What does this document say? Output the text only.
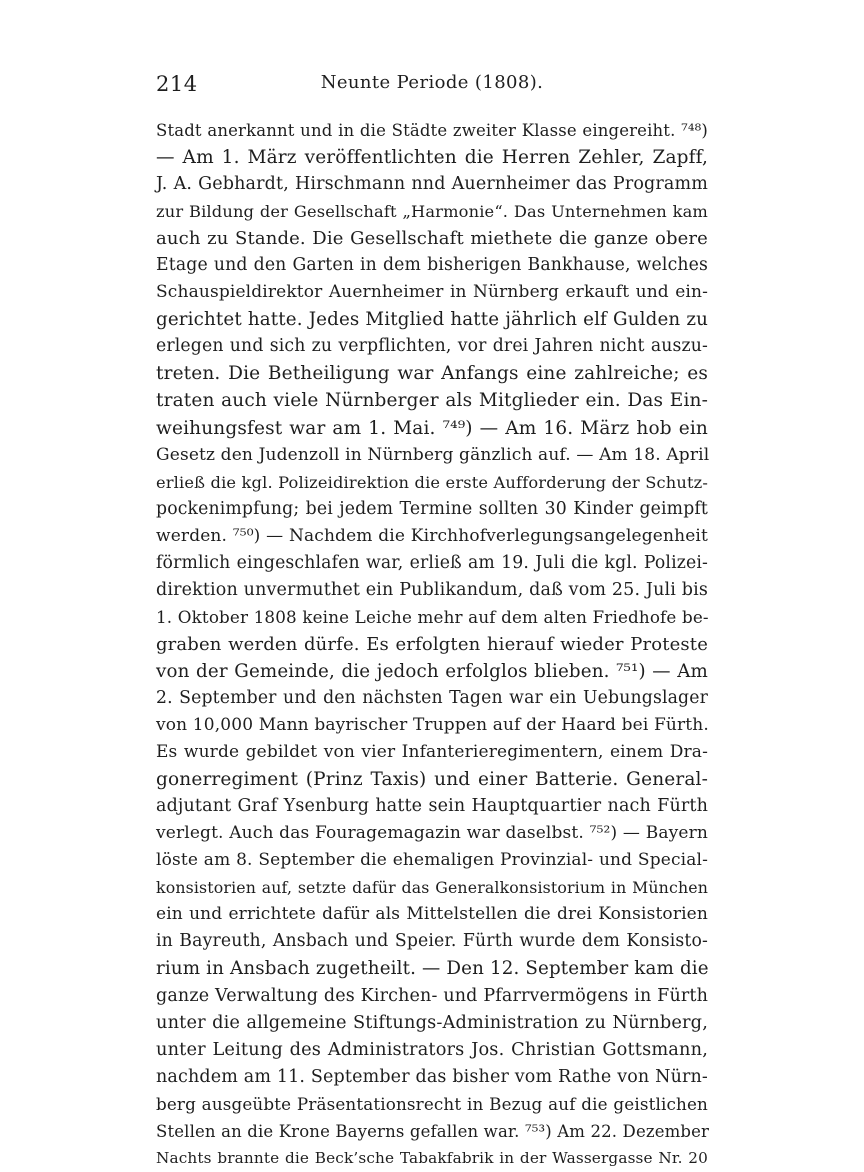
214	Neunte Periode (1808).
Stadt anerkannt und in die Städte zweiter Klasse eingereiht. ⁷⁴⁸)
— Am 1. März veröffentlichten die Herren Zehler, Zapff,
J. A. Gebhardt, Hirschmann nnd Auernheimer das Programm
zur Bildung der Gesellschaft „Harmonie“. Das Unternehmen kam
auch zu Stande. Die Gesellschaft miethete die ganze obere
Etage und den Garten in dem bisherigen Bankhause, welches
Schauspieldirektor Auernheimer in Nürnberg erkauft und ein-
gerichtet hatte. Jedes Mitglied hatte jährlich elf Gulden zu
erlegen und sich zu verpflichten, vor drei Jahren nicht auszu-
treten. Die Betheiligung war Anfangs eine zahlreiche; es
traten auch viele Nürnberger als Mitglieder ein. Das Ein-
weihungsfest war am 1. Mai. ⁷⁴⁹) — Am 16. März hob ein
Gesetz den Judenzoll in Nürnberg gänzlich auf. — Am 18. April
erließ die kgl. Polizeidirektion die erste Aufforderung der Schutz-
pockenimpfung; bei jedem Termine sollten 30 Kinder geimpft
werden. ⁷⁵⁰) — Nachdem die Kirchhofverlegungsangelegenheit
förmlich eingeschlafen war, erließ am 19. Juli die kgl. Polizei-
direktion unvermuthet ein Publikandum, daß vom 25. Juli bis
1. Oktober 1808 keine Leiche mehr auf dem alten Friedhofe be-
graben werden dürfe. Es erfolgten hierauf wieder Proteste
von der Gemeinde, die jedoch erfolglos blieben. ⁷⁵¹) — Am
2. September und den nächsten Tagen war ein Uebungslager
von 10,000 Mann bayrischer Truppen auf der Haard bei Fürth.
Es wurde gebildet von vier Infanterieregimentern, einem Dra-
gonerregiment (Prinz Taxis) und einer Batterie. General-
adjutant Graf Ysenburg hatte sein Hauptquartier nach Fürth
verlegt. Auch das Fouragemagazin war daselbst. ⁷⁵²) — Bayern
löste am 8. September die ehemaligen Provinzial- und Special-
konsistorien auf, setzte dafür das Generalkonsistorium in München
ein und errichtete dafür als Mittelstellen die drei Konsistorien
in Bayreuth, Ansbach und Speier. Fürth wurde dem Konsisto-
rium in Ansbach zugetheilt. — Den 12. September kam die
ganze Verwaltung des Kirchen- und Pfarrvermögens in Fürth
unter die allgemeine Stiftungs-Administration zu Nürnberg,
unter Leitung des Administrators Jos. Christian Gottsmann,
nachdem am 11. September das bisher vom Rathe von Nürn-
berg ausgeübte Präsentationsrecht in Bezug auf die geistlichen
Stellen an die Krone Bayerns gefallen war. ⁷⁵³) Am 22. Dezember
Nachts brannte die Beck’sche Tabakfabrik in der Wassergasse Nr. 20
